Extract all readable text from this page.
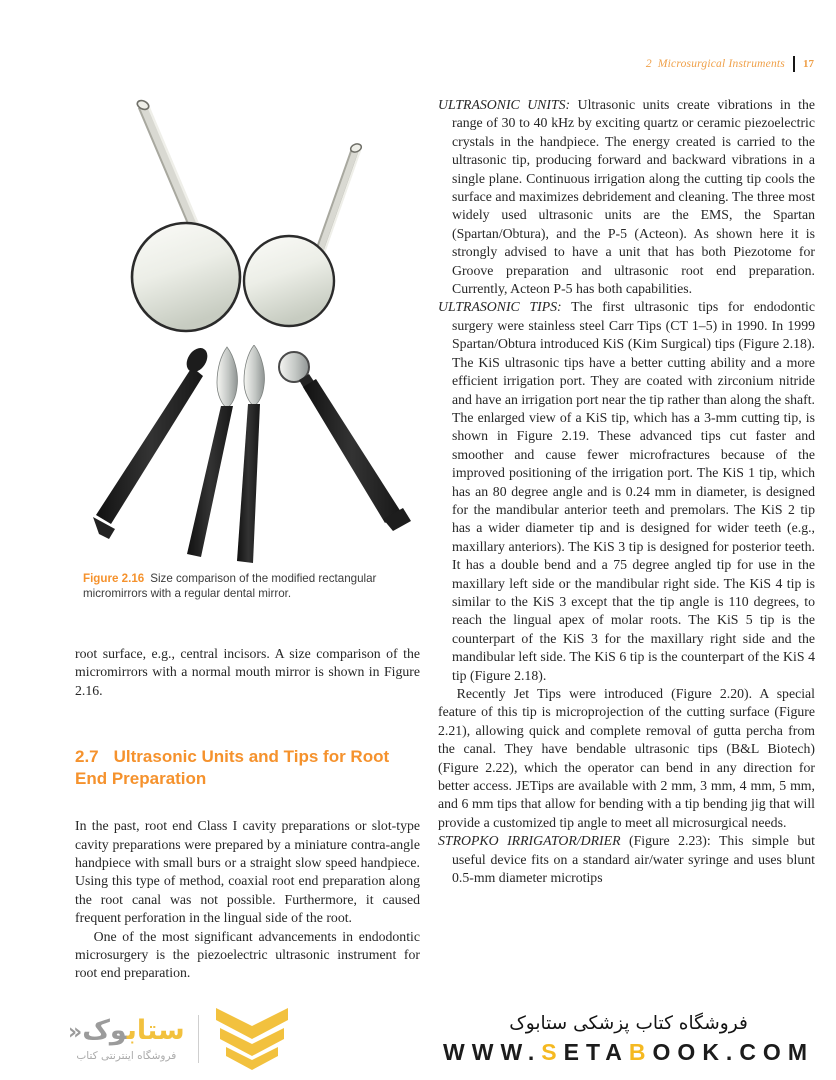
2 Microsurgical Instruments 17

Figure 2.16 Size comparison of the modified rectangular micromirrors with a regular dental mirror.

root surface, e.g., central incisors. A size comparison of the micromirrors with a normal mouth mirror is shown in Figure 2.16.

2.7 Ultrasonic Units and Tips for Root End Preparation

In the past, root end Class I cavity preparations or slot-type cavity preparations were prepared by a miniature contra-angle handpiece with small burs or a straight slow speed handpiece. Using this type of method, coaxial root end preparation along the root canal was not possible. Furthermore, it caused frequent perforation in the lingual side of the root.

One of the most significant advancements in endodontic microsurgery is the piezoelectric ultrasonic instrument for root end preparation.

ULTRASONIC UNITS: Ultrasonic units create vibrations in the range of 30 to 40 kHz by exciting quartz or ceramic piezoelectric crystals in the handpiece. The energy created is carried to the ultrasonic tip, producing forward and backward vibrations in a single plane. Continuous irrigation along the cutting tip cools the surface and maximizes debridement and cleaning. The three most widely used ultrasonic units are the EMS, the Spartan (Spartan/Obtura), and the P-5 (Acteon). As shown here it is strongly advised to have a unit that has both Piezotome for Groove preparation and ultrasonic root end preparation. Currently, Acteon P-5 has both capabilities.

ULTRASONIC TIPS: The first ultrasonic tips for endodontic surgery were stainless steel Carr Tips (CT 1–5) in 1990. In 1999 Spartan/Obtura introduced KiS (Kim Surgical) tips (Figure 2.18). The KiS ultrasonic tips have a better cutting ability and a more efficient irrigation port. They are coated with zirconium nitride and have an irrigation port near the tip rather than along the shaft. The enlarged view of a KiS tip, which has a 3-mm cutting tip, is shown in Figure 2.19. These advanced tips cut faster and smoother and cause fewer microfractures because of the improved positioning of the irrigation port. The KiS 1 tip, which has an 80 degree angle and is 0.24 mm in diameter, is designed for the mandibular anterior teeth and premolars. The KiS 2 tip has a wider diameter tip and is designed for wider teeth (e.g., maxillary anteriors). The KiS 3 tip is designed for posterior teeth. It has a double bend and a 75 degree angled tip for use in the maxillary left side or the mandibular right side. The KiS 4 tip is similar to the KiS 3 except that the tip angle is 110 degrees, to reach the lingual apex of molar roots. The KiS 5 tip is the counterpart of the KiS 3 for the maxillary right side and the mandibular left side. The KiS 6 tip is the counterpart of the KiS 4 tip (Figure 2.18).

Recently Jet Tips were introduced (Figure 2.20). A special feature of this tip is microprojection of the cutting surface (Figure 2.21), allowing quick and complete removal of gutta percha from the canal. They have bendable ultrasonic tips (B&L Biotech) (Figure 2.22), which the operator can bend in any direction for better access. JETips are available with 2 mm, 3 mm, 4 mm, 5 mm, and 6 mm tips that allow for bending with a tip bending jig that will provide a customized tip angle to meet all microsurgical needs.

STROPKO IRRIGATOR/DRIER (Figure 2.23): This simple but useful device fits on a standard air/water syringe and uses blunt 0.5-mm diameter microtips

ستابوک«
فروشگاه اینترنتی کتاب
فروشگاه کتاب پزشکی ستابوک
WWW.SETABOOK.COM
